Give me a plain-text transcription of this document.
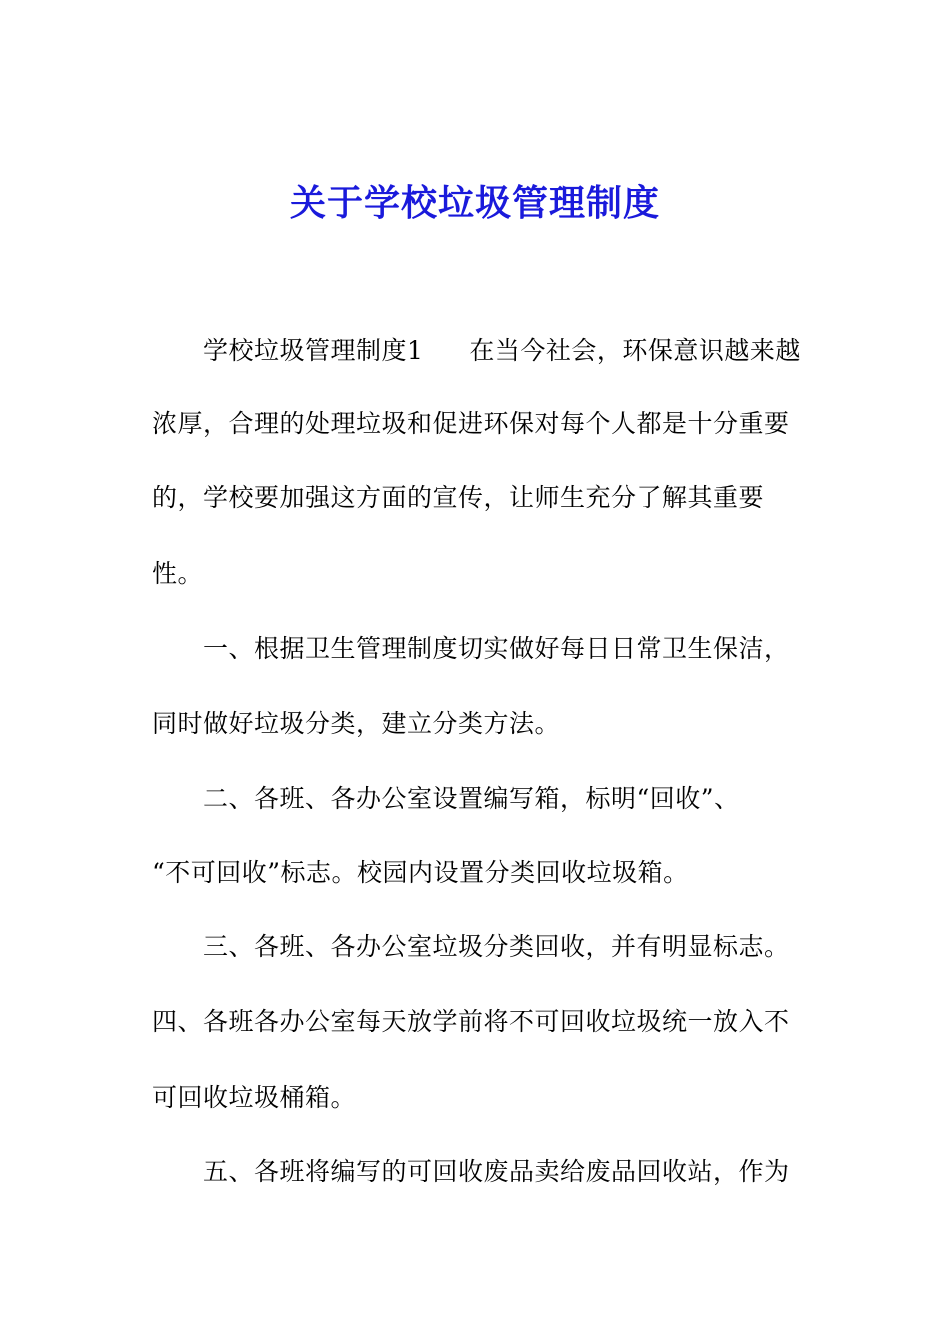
关于学校垃圾管理制度
学校垃圾管理制度1 在当今社会，环保意识越来越
浓厚，合理的处理垃圾和促进环保对每个人都是十分重要
的，学校要加强这方面的宣传，让师生充分了解其重要
性。
一、根据卫生管理制度切实做好每日日常卫生保洁，
同时做好垃圾分类，建立分类方法。
二、各班、各办公室设置编写箱，标明“回收”、
“不可回收”标志。校园内设置分类回收垃圾箱。
三、各班、各办公室垃圾分类回收，并有明显标志。
四、各班各办公室每天放学前将不可回收垃圾统一放入不
可回收垃圾桶箱。
五、各班将编写的可回收废品卖给废品回收站，作为
